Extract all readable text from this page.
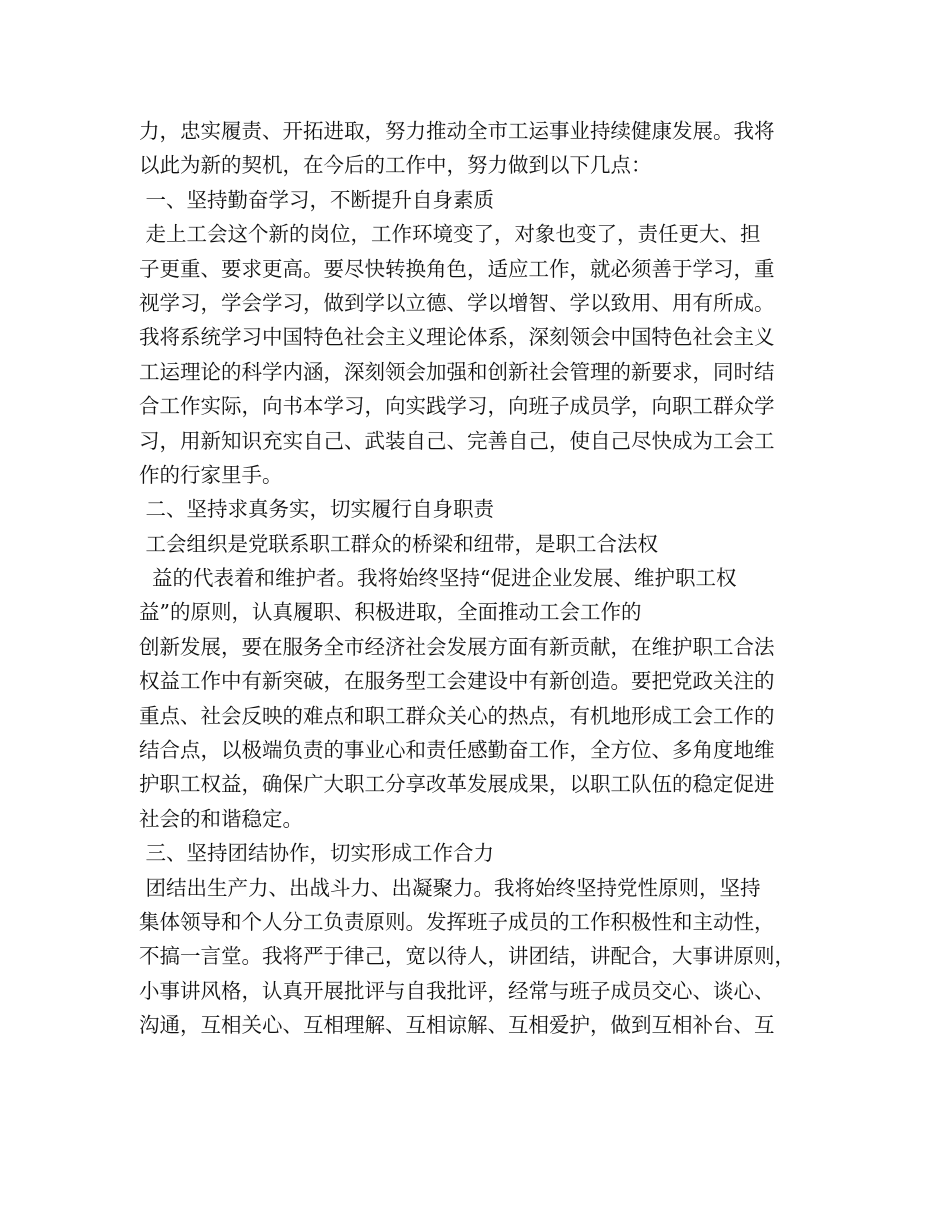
力，忠实履责、开拓进取，努力推动全市工运事业持续健康发展。我将
以此为新的契机，在今后的工作中，努力做到以下几点：
一、坚持勤奋学习，不断提升自身素质
走上工会这个新的岗位，工作环境变了，对象也变了，责任更大、担
子更重、要求更高。要尽快转换角色，适应工作，就必须善于学习，重
视学习，学会学习，做到学以立德、学以增智、学以致用、用有所成。
我将系统学习中国特色社会主义理论体系，深刻领会中国特色社会主义
工运理论的科学内涵，深刻领会加强和创新社会管理的新要求，同时结
合工作实际，向书本学习，向实践学习，向班子成员学，向职工群众学
习，用新知识充实自己、武装自己、完善自己，使自己尽快成为工会工
作的行家里手。
二、坚持求真务实，切实履行自身职责
工会组织是党联系职工群众的桥梁和纽带，是职工合法权
益的代表着和维护者。我将始终坚持“促进企业发展、维护职工权
益”的原则，认真履职、积极进取，全面推动工会工作的
创新发展，要在服务全市经济社会发展方面有新贡献，在维护职工合法
权益工作中有新突破，在服务型工会建设中有新创造。要把党政关注的
重点、社会反映的难点和职工群众关心的热点，有机地形成工会工作的
结合点，以极端负责的事业心和责任感勤奋工作，全方位、多角度地维
护职工权益，确保广大职工分享改革发展成果，以职工队伍的稳定促进
社会的和谐稳定。
三、坚持团结协作，切实形成工作合力
团结出生产力、出战斗力、出凝聚力。我将始终坚持党性原则，坚持
集体领导和个人分工负责原则。发挥班子成员的工作积极性和主动性，
不搞一言堂。我将严于律己，宽以待人，讲团结，讲配合，大事讲原则，
小事讲风格，认真开展批评与自我批评，经常与班子成员交心、谈心、
沟通，互相关心、互相理解、互相谅解、互相爱护，做到互相补台、互
